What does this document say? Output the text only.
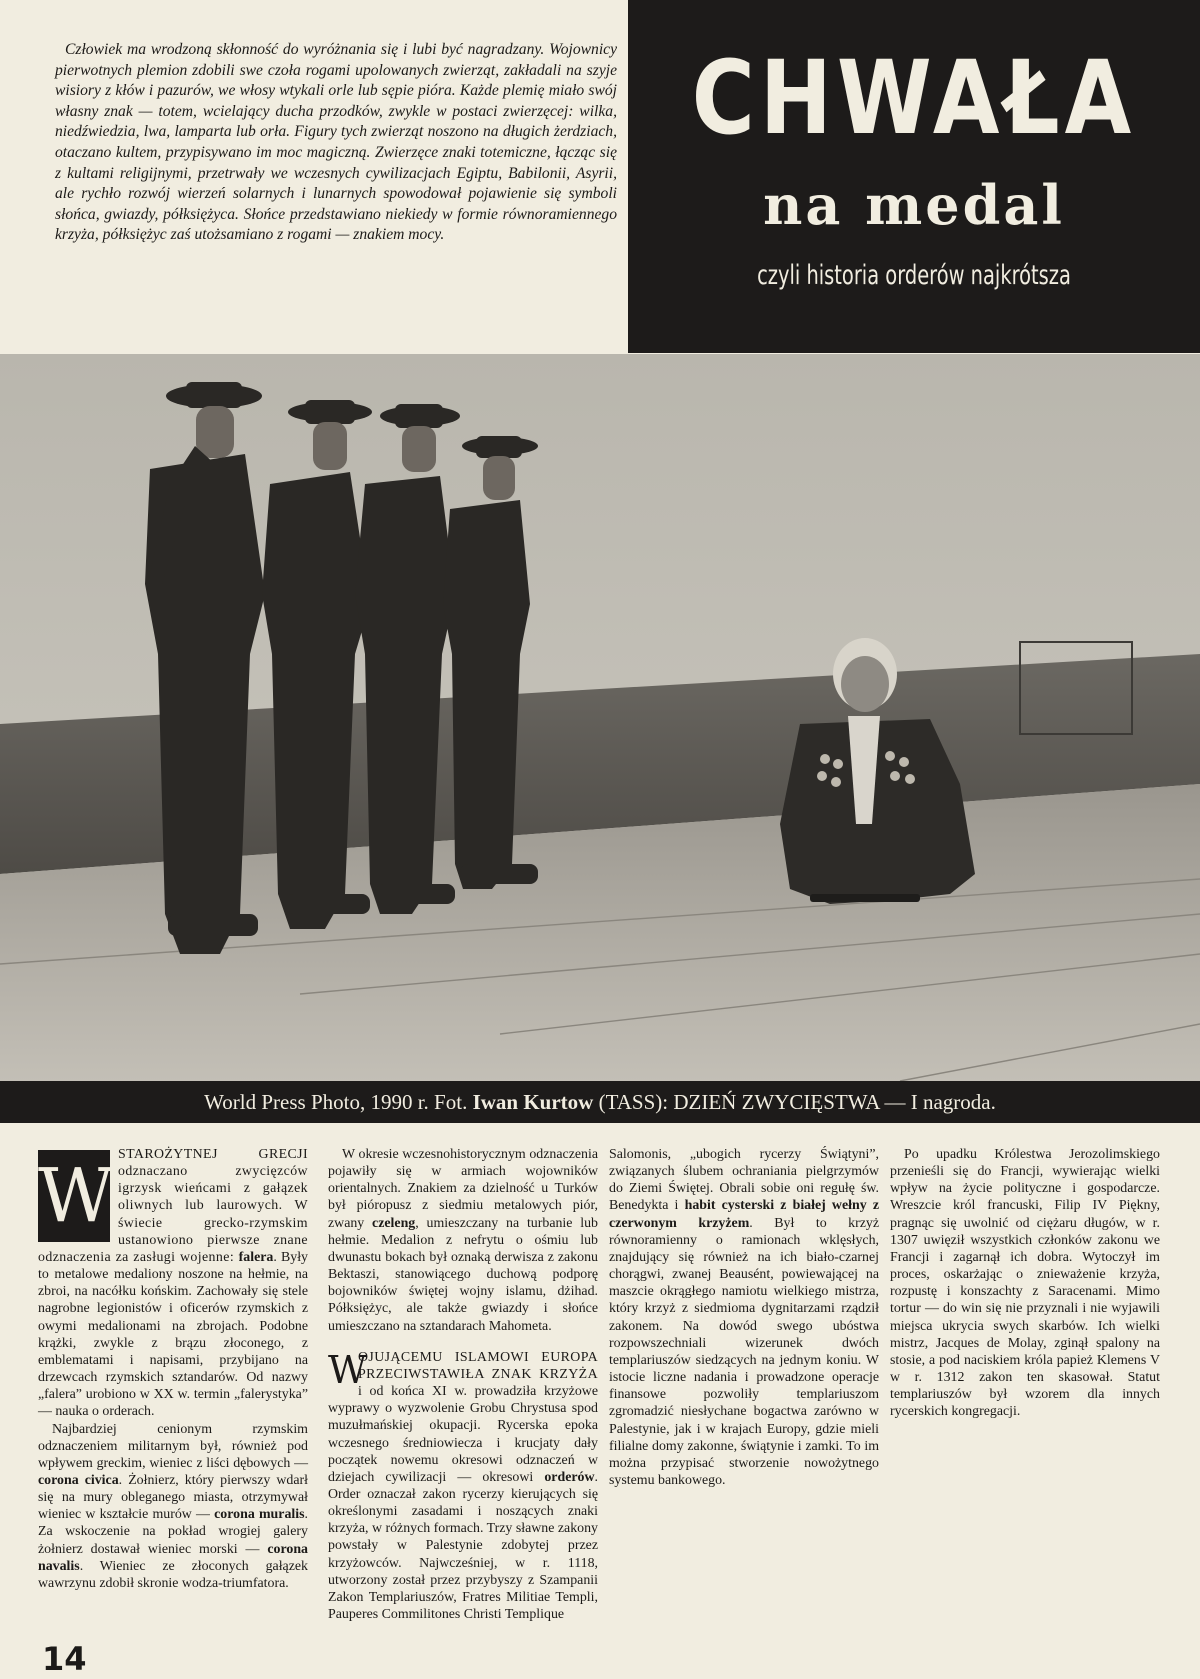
Człowiek ma wrodzoną skłonność do wyróżnania się i lubi być nagradzany. Wojownicy pierwotnych plemion zdobili swe czoła rogami upolowanych zwierząt, zakładali na szyje wisiory z kłów i pazurów, we włosy wtykali orle lub sępie pióra. Każde plemię miało swój własny znak — totem, wcielający ducha przodków, zwykle w postaci zwierzęcej: wilka, niedźwiedzia, lwa, lamparta lub orła. Figury tych zwierząt noszono na długich żerdziach, otaczano kultem, przypisywano im moc magiczną. Zwierzęce znaki totemiczne, łącząc się z kultami religijnymi, przetrwały we wczesnych cywilizacjach Egiptu, Babilonii, Asyrii, ale rychło rozwój wierzeń solarnych i lunarnych spowodował pojawienie się symboli słońca, gwiazdy, półksiężyca. Słońce przedstawiano niekiedy w formie równoramiennego krzyża, półksiężyc zaś utożsamiano z rogami — znakiem mocy.

CHWAŁA
na medal
czyli historia orderów najkrótsza
World Press Photo, 1990 r. Fot. Iwan Kurtow (TASS): DZIEŃ ZWYCIĘSTWA — I nagroda.

W STAROŻYTNEJ GRECJI odznaczano zwycięzców igrzysk wieńcami z gałązek oliwnych lub laurowych. W świecie grecko-rzymskim ustanowiono pierwsze znane odznaczenia za zasługi wojenne: falera. Były to metalowe medaliony noszone na hełmie, na zbroi, na nacółku końskim. Zachowały się stele nagrobne legionistów i oficerów rzymskich z owymi medalionami na zbrojach. Podobne krążki, zwykle z brązu złoconego, z emblematami i napisami, przybijano na drzewcach rzymskich sztandarów. Od nazwy „falera” urobiono w XX w. termin „falerystyka” — nauka o orderach.

Najbardziej cenionym rzymskim odznaczeniem militarnym był, również pod wpływem greckim, wieniec z liści dębowych — corona civica. Żołnierz, który pierwszy wdarł się na mury obleganego miasta, otrzymywał wieniec w kształcie murów — corona muralis. Za wskoczenie na pokład wrogiej galery żołnierz dostawał wieniec morski — corona navalis. Wieniec ze złoconych gałązek wawrzynu zdobił skronie wodza-triumfatora.

W okresie wczesnohistorycznym odznaczenia pojawiły się w armiach wojowników orientalnych. Znakiem za dzielność u Turków był pióropusz z siedmiu metalowych piór, zwany czeleng, umieszczany na turbanie lub hełmie. Medalion z nefrytu o ośmiu lub dwunastu bokach był oznaką derwisza z zakonu Bektaszi, stanowiącego duchową podporę bojowników świętej wojny islamu, dżihad. Półksiężyc, ale także gwiazdy i słońce umieszczano na sztandarach Mahometa.

W
OJUJĄCEMU ISLAMOWI EUROPA PRZECIWSTAWIŁA ZNAK KRZYŻA i od końca XI w. prowadziła krzyżowe wyprawy o wyzwolenie Grobu Chrystusa spod muzułmańskiej okupacji. Rycerska epoka wczesnego średniowiecza i krucjaty dały początek nowemu okresowi odznaczeń w dziejach cywilizacji — okresowi orderów. Order oznaczał zakon rycerzy kierujących się określonymi zasadami i noszących znaki krzyża, w różnych formach. Trzy sławne zakony powstały w Palestynie zdobytej przez krzyżowców. Najwcześniej, w r. 1118, utworzony został przez przybyszy z Szampanii Zakon Templariuszów, Fratres Militiae Templi, Pauperes Commilitones Christi Templique

Salomonis, „ubogich rycerzy Świątyni”, związanych ślubem ochraniania pielgrzymów do Ziemi Świętej. Obrali sobie oni regułę św. Benedykta i habit cysterski z białej wełny z czerwonym krzyżem. Był to krzyż równoramienny o ramionach wklęsłych, znajdujący się również na ich biało-czarnej chorągwi, zwanej Beausént, powiewającej na maszcie okrągłego namiotu wielkiego mistrza, który krzyż z siedmioma dygnitarzami rządził zakonem. Na dowód swego ubóstwa rozpowszechniali wizerunek dwóch templariuszów siedzących na jednym koniu. W istocie liczne nadania i prowadzone operacje finansowe pozwoliły templariuszom zgromadzić niesłychane bogactwa zarówno w Palestynie, jak i w krajach Europy, gdzie mieli filialne domy zakonne, świątynie i zamki. To im można przypisać stworzenie nowożytnego systemu bankowego.

Po upadku Królestwa Jerozolimskiego przenieśli się do Francji, wywierając wielki wpływ na życie polityczne i gospodarcze. Wreszcie król francuski, Filip IV Piękny, pragnąc się uwolnić od ciężaru długów, w r. 1307 uwięził wszystkich członków zakonu we Francji i zagarnął ich dobra. Wytoczył im proces, oskarżając o znieważenie krzyża, rozpustę i konszachty z Saracenami. Mimo tortur — do win się nie przyznali i nie wyjawili miejsca ukrycia swych skarbów. Ich wielki mistrz, Jacques de Molay, zginął spalony na stosie, a pod naciskiem króla papież Klemens V w r. 1312 zakon ten skasował. Statut templariuszów był wzorem dla innych rycerskich kongregacji.

14
